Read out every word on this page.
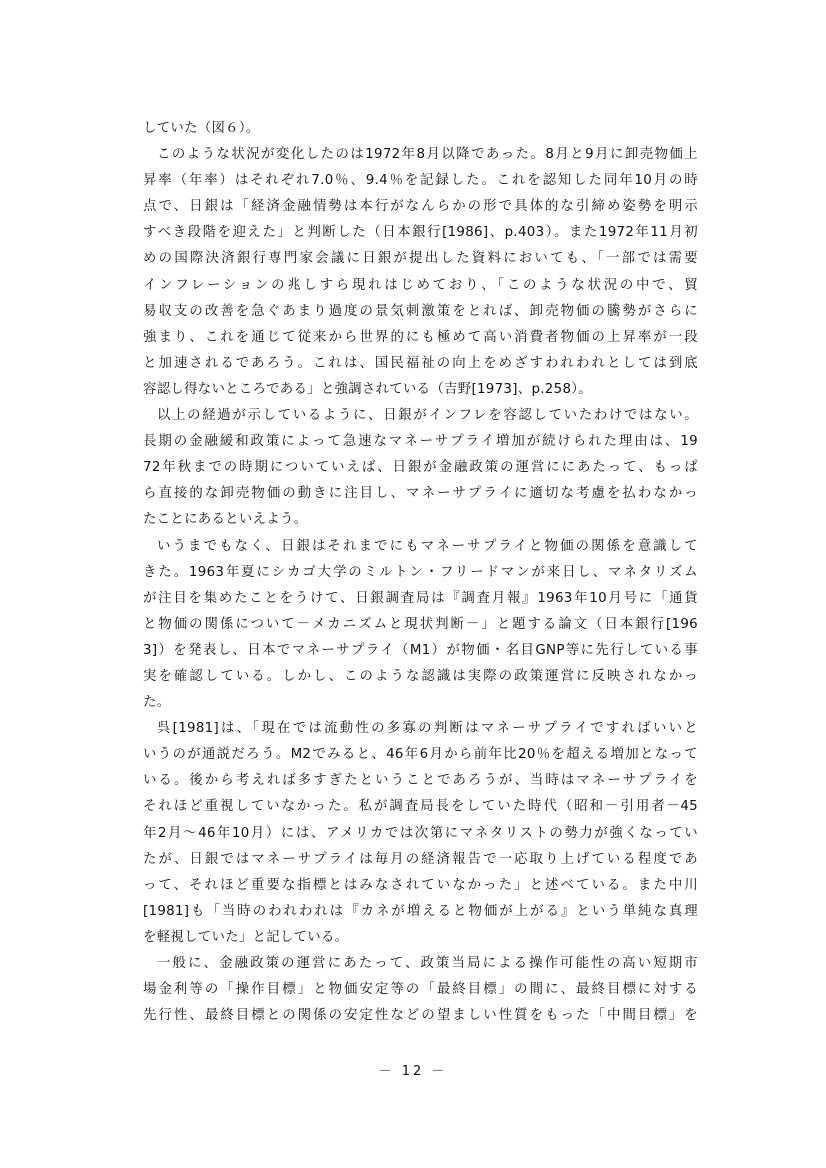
していた（図６）。
このような状況が変化したのは1972年8月以降であった。8月と9月に卸売物価上
昇率（年率）はそれぞれ7.0％、9.4％を記録した。これを認知した同年10月の時
点で、日銀は「経済金融情勢は本行がなんらかの形で具体的な引締め姿勢を明示
すべき段階を迎えた」と判断した（日本銀行[1986]、p.403）。また1972年11月初
めの国際決済銀行専門家会議に日銀が提出した資料においても、「一部では需要
インフレーションの兆しすら現れはじめており、「このような状況の中で、貿
易収支の改善を急ぐあまり過度の景気刺激策をとれば、卸売物価の騰勢がさらに
強まり、これを通じて従来から世界的にも極めて高い消費者物価の上昇率が一段
と加速されるであろう。これは、国民福祉の向上をめざすわれわれとしては到底
容認し得ないところである」と強調されている（吉野[1973]、p.258）。
以上の経過が示しているように、日銀がインフレを容認していたわけではない。
長期の金融緩和政策によって急速なマネーサプライ増加が続けられた理由は、19
72年秋までの時期についていえば、日銀が金融政策の運営ににあたって、もっぱ
ら直接的な卸売物価の動きに注目し、マネーサプライに適切な考慮を払わなかっ
たことにあるといえよう。
いうまでもなく、日銀はそれまでにもマネーサプライと物価の関係を意識して
きた。1963年夏にシカゴ大学のミルトン・フリードマンが来日し、マネタリズム
が注目を集めたことをうけて、日銀調査局は『調査月報』1963年10月号に「通貨
と物価の関係について－メカニズムと現状判断－」と題する論文（日本銀行[196
3]）を発表し、日本でマネーサプライ（M1）が物価・名目GNP等に先行している事
実を確認している。しかし、このような認識は実際の政策運営に反映されなかっ
た。
呉[1981]は、「現在では流動性の多寡の判断はマネーサプライですればいいと
いうのが通説だろう。M2でみると、46年6月から前年比20％を超える増加となって
いる。後から考えれば多すぎたということであろうが、当時はマネーサプライを
それほど重視していなかった。私が調査局長をしていた時代（昭和－引用者－45
年2月～46年10月）には、アメリカでは次第にマネタリストの勢力が強くなってい
たが、日銀ではマネーサプライは毎月の経済報告で一応取り上げている程度であ
って、それほど重要な指標とはみなされていなかった」と述べている。また中川
[1981]も「当時のわれわれは『カネが増えると物価が上がる』という単純な真理
を軽視していた」と記している。
一般に、金融政策の運営にあたって、政策当局による操作可能性の高い短期市
場金利等の「操作目標」と物価安定等の「最終目標」の間に、最終目標に対する
先行性、最終目標との関係の安定性などの望ましい性質をもった「中間目標」を
－ 12 －
